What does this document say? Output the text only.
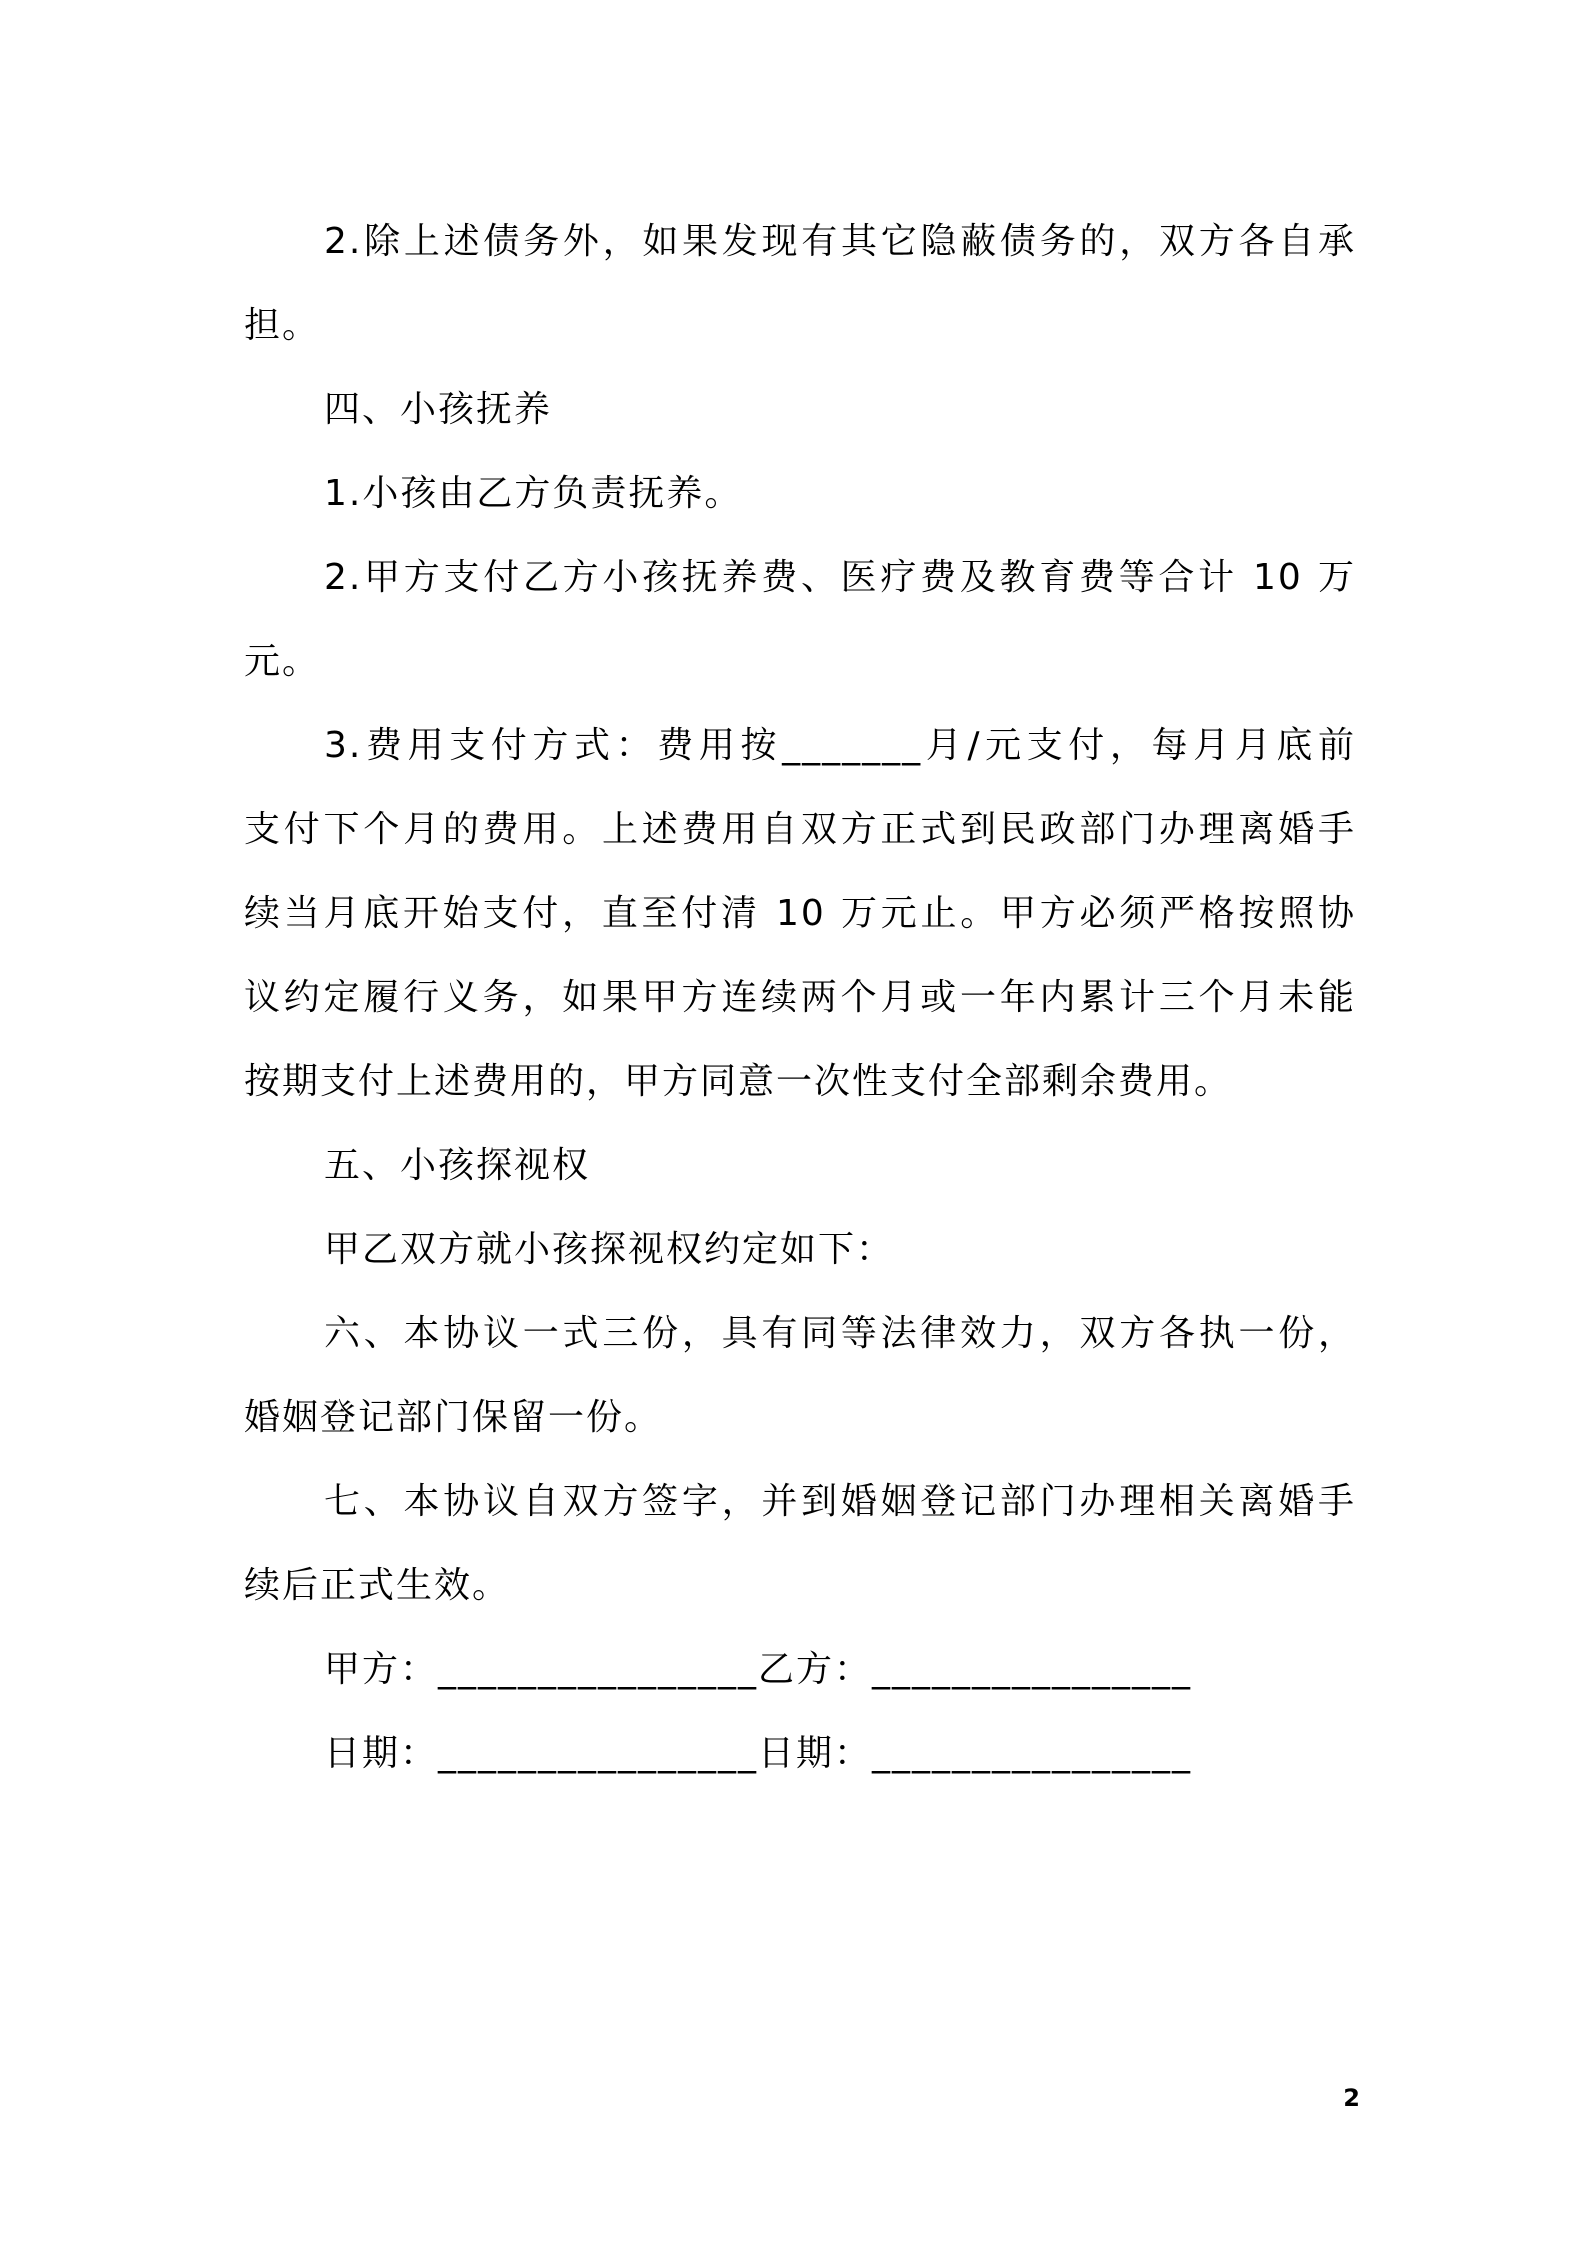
2.除上述债务外，如果发现有其它隐蔽债务的，双方各自承
担。
四、小孩抚养
1.小孩由乙方负责抚养。
2.甲方支付乙方小孩抚养费、医疗费及教育费等合计 10 万
元。
3.费用支付方式：费用按_______月/元支付，每月月底前
支付下个月的费用。上述费用自双方正式到民政部门办理离婚手
续当月底开始支付，直至付清 10 万元止。甲方必须严格按照协
议约定履行义务，如果甲方连续两个月或一年内累计三个月未能
按期支付上述费用的，甲方同意一次性支付全部剩余费用。
五、小孩探视权
甲乙双方就小孩探视权约定如下：
六、本协议一式三份，具有同等法律效力，双方各执一份，
婚姻登记部门保留一份。
七、本协议自双方签字，并到婚姻登记部门办理相关离婚手
续后正式生效。
甲方：________________乙方：________________
日期：________________日期：________________
2
